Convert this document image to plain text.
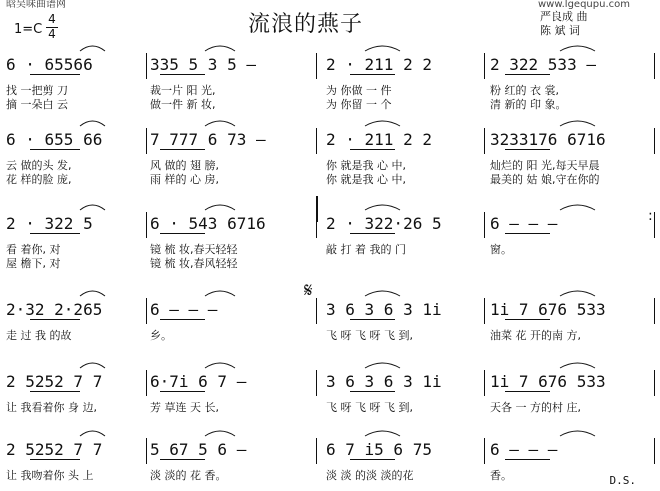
晗吴味曲谱网
1=C
4
4	流浪的燕子
www.lgequpu.com
严良成 曲
陈 斌 词
6 · 65566	335 5 3 5 –	2 · 211 2 2	2 322 533 –
找 一把剪 刀	裁一片 阳 光,	为 你做 一 件	粉 红的 衣 裳,
摘 一朵白 云	做一件 新 妆,	为 你留 一 个	清 新的 印 象。
6 · 655 66	7 777 6 73 –	2 · 211 2 2	3233176 6716
云 做的头 发,	风 做的 翅 膀,	你 就是我 心 中,	灿烂的 阳 光,每天早晨
花 样的脸 庞,	雨 样的 心 房,	你 就是我 心 中,	最美的 姑 娘,守在你的
2 · 322 5	6 · 543 6716	2 · 322·26 5	6 – – –
看 着你, 对	镜 梳 妆,春天轻轻	敲 打 着 我的 门	窗。
屋 檐下, 对	镜 梳 妆,春风轻轻
2·32 2·265	6 – – –	3 6 3 6 3 1i	1i 7 676 533
走 过 我 的故	乡。	飞 呀 飞 呀 飞 到,	油菜 花 开的南 方,
2 5252 7 7	6·7i 6 7 –	3 6 3 6 3 1i	1i 7 676 533
让 我看着你 身 边,	芳 草连 天 长,	飞 呀 飞 呀 飞 到,	天各 一 方的村 庄,
2 5252 7 7	5 67 5 6 –	6 7 i5 6 75	6 – – –
让 我吻着你 头 上	淡 淡的 花 香。	淡 淡 的淡 淡的花	香。
𝄋
:
D.S.
